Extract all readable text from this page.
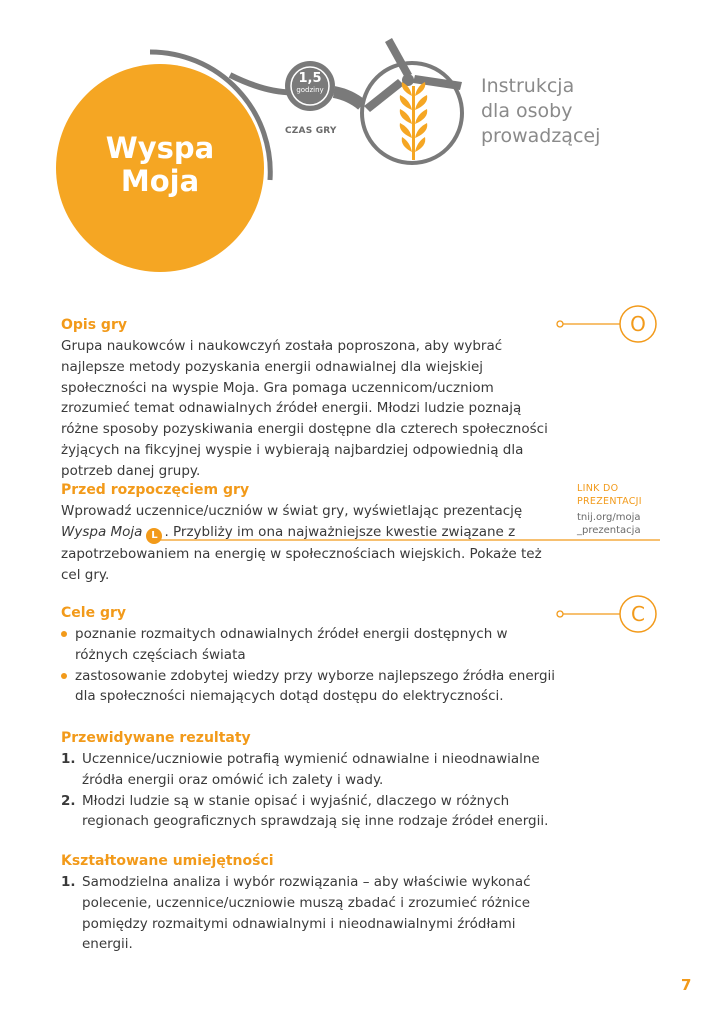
Wyspa
Moja
1,5
godziny
CZAS GRY
Instrukcja
dla osoby
prowadzącej
O
C
LINK DO PREZENTACJI
tnij.org/moja _prezentacja
Opis gry

Grupa naukowców i naukowczyń została poproszona, aby wybrać najlepsze metody pozyskania energii odnawialnej dla wiejskiej społeczności na wyspie Moja. Gra pomaga uczennicom/uczniom zrozumieć temat odnawialnych źródeł energii. Młodzi ludzie poznają różne sposoby pozyskiwania energii dostępne dla czterech społeczności żyjących na fikcyjnej wyspie i wybierają najbardziej odpowiednią dla potrzeb danej grupy.

Przed rozpoczęciem gry

Wprowadź uczennice/uczniów w świat gry, wyświetlając prezentację Wyspa Moja L . Przybliży im ona najważniejsze kwestie związane z zapotrzebowaniem na energię w społecznościach wiejskich. Pokaże też cel gry.

Cele gry
poznanie rozmaitych odnawialnych źródeł energii dostępnych w różnych częściach świata
zastosowanie zdobytej wiedzy przy wyborze najlepszego źródła energii dla społeczności niemających dotąd dostępu do elektryczności.
Przewidywane rezultaty
1. Uczennice/uczniowie potrafią wymienić odnawialne i nieodnawialne źródła energii oraz omówić ich zalety i wady.
2. Młodzi ludzie są w stanie opisać i wyjaśnić, dlaczego w różnych regionach geograficznych sprawdzają się inne rodzaje źródeł energii.
Kształtowane umiejętności
1. Samodzielna analiza i wybór rozwiązania – aby właściwie wykonać polecenie, uczennice/uczniowie muszą zbadać i zrozumieć różnice pomiędzy rozmaitymi odnawialnymi i nieodnawialnymi źródłami energii.
7
